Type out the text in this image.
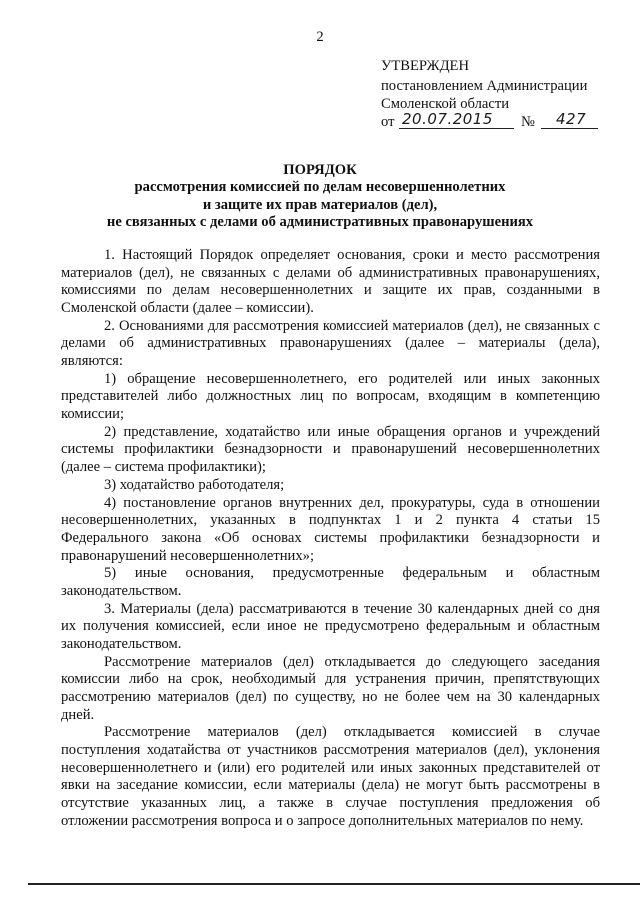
2
УТВЕРЖДЕН
постановлением Администрации
Смоленской области
от 20.07.2015 № 427
ПОРЯДОК
рассмотрения комиссией по делам несовершеннолетних
и защите их прав материалов (дел),
не связанных с делами об административных правонарушениях
1. Настоящий Порядок определяет основания, сроки и место рассмотрения
материалов (дел), не связанных с делами об административных правонарушениях,
комиссиями по делам несовершеннолетних и защите их прав, созданными в
Смоленской области (далее – комиссии).
2. Основаниями для рассмотрения комиссией материалов (дел), не связанных с
делами об административных правонарушениях (далее – материалы (дела),
являются:
1) обращение несовершеннолетнего, его родителей или иных законных
представителей либо должностных лиц по вопросам, входящим в компетенцию
комиссии;
2) представление, ходатайство или иные обращения органов и учреждений
системы профилактики безнадзорности и правонарушений несовершеннолетних
(далее – система профилактики);
3) ходатайство работодателя;
4) постановление органов внутренних дел, прокуратуры, суда в отношении
несовершеннолетних, указанных в подпунктах 1 и 2 пункта 4 статьи 15
Федерального закона «Об основах системы профилактики безнадзорности и
правонарушений несовершеннолетних»;
5) иные основания, предусмотренные федеральным и областным
законодательством.
3. Материалы (дела) рассматриваются в течение 30 календарных дней со дня
их получения комиссией, если иное не предусмотрено федеральным и областным
законодательством.
Рассмотрение материалов (дел) откладывается до следующего заседания
комиссии либо на срок, необходимый для устранения причин, препятствующих
рассмотрению материалов (дел) по существу, но не более чем на 30 календарных
дней.
Рассмотрение материалов (дел) откладывается комиссией в случае
поступления ходатайства от участников рассмотрения материалов (дел), уклонения
несовершеннолетнего и (или) его родителей или иных законных представителей от
явки на заседание комиссии, если материалы (дела) не могут быть рассмотрены в
отсутствие указанных лиц, а также в случае поступления предложения об
отложении рассмотрения вопроса и о запросе дополнительных материалов по нему.
